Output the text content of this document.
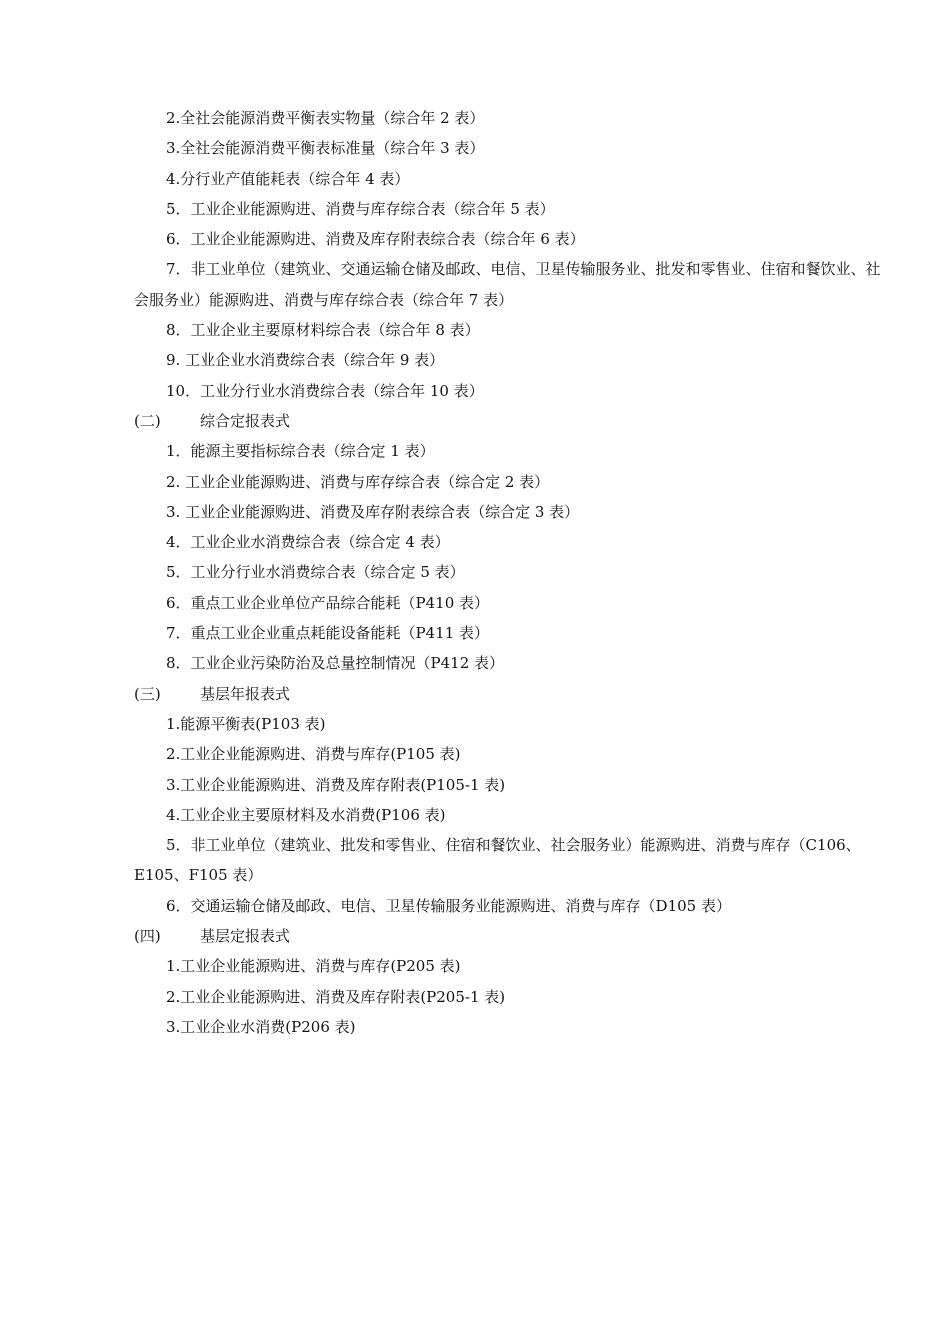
2.全社会能源消费平衡表实物量（综合年 2 表）
3.全社会能源消费平衡表标准量（综合年 3 表）
4.分行业产值能耗表（综合年 4 表）
5．工业企业能源购进、消费与库存综合表（综合年 5 表）
6．工业企业能源购进、消费及库存附表综合表（综合年 6 表）
7．非工业单位（建筑业、交通运输仓储及邮政、电信、卫星传输服务业、批发和零售业、住宿和餐饮业、社会服务业）能源购进、消费与库存综合表（综合年 7 表）
8．工业企业主要原材料综合表（综合年 8 表）
9. 工业企业水消费综合表（综合年 9 表）
10．工业分行业水消费综合表（综合年 10 表）
(二)	综合定报表式
1．能源主要指标综合表（综合定 1 表）
2. 工业企业能源购进、消费与库存综合表（综合定 2 表）
3. 工业企业能源购进、消费及库存附表综合表（综合定 3 表）
4．工业企业水消费综合表（综合定 4 表）
5．工业分行业水消费综合表（综合定 5 表）
6．重点工业企业单位产品综合能耗（P410 表）
7．重点工业企业重点耗能设备能耗（P411 表）
8．工业企业污染防治及总量控制情况（P412 表）
(三)	基层年报表式
1.能源平衡表(P103 表)
2.工业企业能源购进、消费与库存(P105 表)
3.工业企业能源购进、消费及库存附表(P105-1 表)
4.工业企业主要原材料及水消费(P106 表)
5．非工业单位（建筑业、批发和零售业、住宿和餐饮业、社会服务业）能源购进、消费与库存（C106、E105、F105 表）
6．交通运输仓储及邮政、电信、卫星传输服务业能源购进、消费与库存（D105 表）
(四)	基层定报表式
1.工业企业能源购进、消费与库存(P205 表)
2.工业企业能源购进、消费及库存附表(P205-1 表)
3.工业企业水消费(P206 表)
